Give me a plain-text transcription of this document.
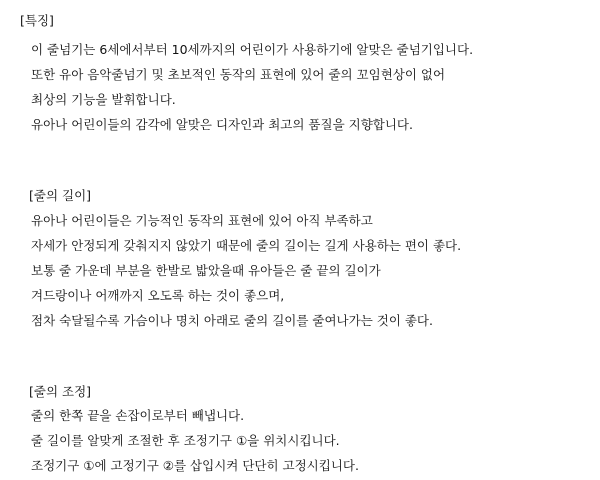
[특징]
이 줄넘기는 6세에서부터 10세까지의 어린이가 사용하기에 알맞은 줄넘기입니다.
또한 유아 음악줄넘기 및 초보적인 동작의 표현에 있어 줄의 꼬임현상이 없어
최상의 기능을 발휘합니다.
유아나 어린이들의 감각에 알맞은 디자인과 최고의 품질을 지향합니다.
[줄의 길이]
유아나 어린이들은 기능적인 동작의 표현에 있어 아직 부족하고
자세가 안정되게 갖춰지지 않았기 때문에 줄의 길이는 길게 사용하는 편이 좋다.
보통 줄 가운데 부분을 한발로 밟았을때 유아들은 줄 끝의 길이가
겨드랑이나 어깨까지 오도록 하는 것이 좋으며,
점차 숙달될수록 가슴이나 명치 아래로 줄의 길이를 줄여나가는 것이 좋다.
[줄의 조정]
줄의 한쪽 끝을 손잡이로부터 빼냅니다.
줄 길이를 알맞게 조절한 후 조정기구 ①을 위치시킵니다.
조정기구 ①에 고정기구 ②를 삽입시켜 단단히 고정시킵니다.
